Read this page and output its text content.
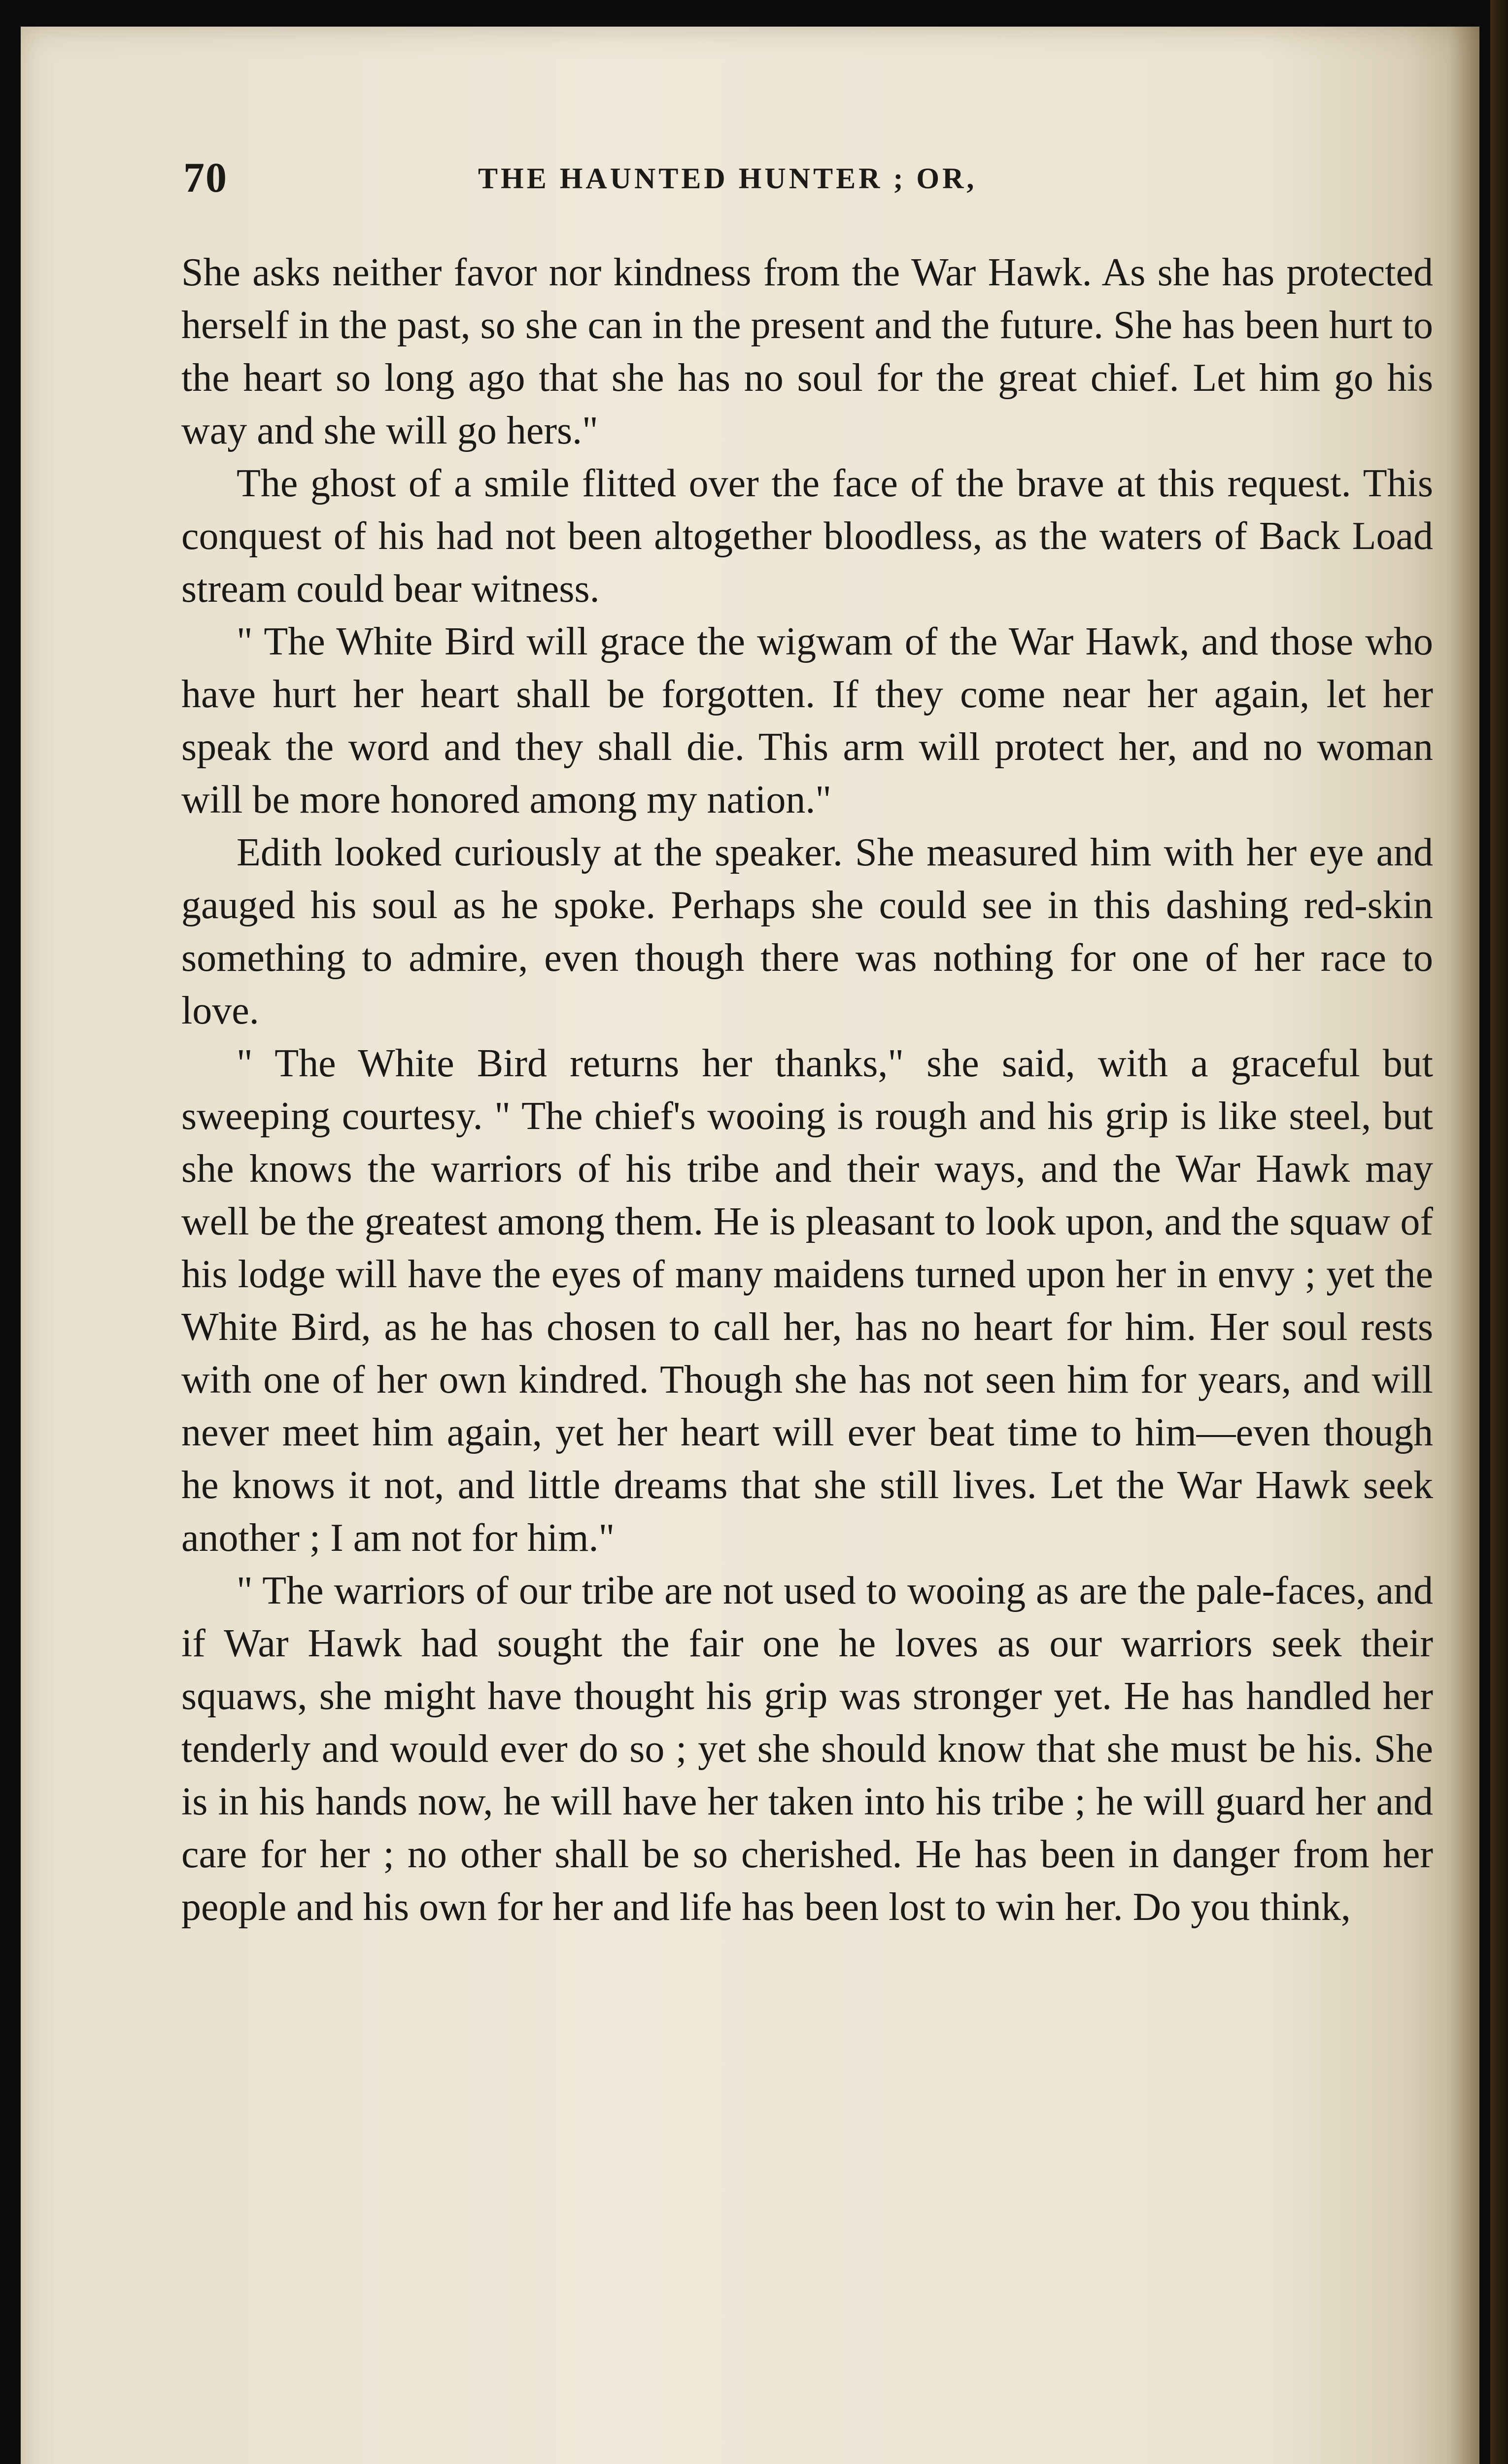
70	THE HAUNTED HUNTER ; OR,

She asks neither favor nor kindness from the War Hawk. As she has protected herself in the past, so she can in the present and the future. She has been hurt to the heart so long ago that she has no soul for the great chief. Let him go his way and she will go hers."

The ghost of a smile flitted over the face of the brave at this request. This conquest of his had not been altogether bloodless, as the waters of Back Load stream could bear witness.

" The White Bird will grace the wigwam of the War Hawk, and those who have hurt her heart shall be forgotten. If they come near her again, let her speak the word and they shall die. This arm will protect her, and no woman will be more honored among my nation."

Edith looked curiously at the speaker. She measured him with her eye and gauged his soul as he spoke. Perhaps she could see in this dashing red-skin something to admire, even though there was nothing for one of her race to love.

" The White Bird returns her thanks," she said, with a graceful but sweeping courtesy. " The chief's wooing is rough and his grip is like steel, but she knows the warriors of his tribe and their ways, and the War Hawk may well be the greatest among them. He is pleasant to look upon, and the squaw of his lodge will have the eyes of many maidens turned upon her in envy ; yet the White Bird, as he has chosen to call her, has no heart for him. Her soul rests with one of her own kindred. Though she has not seen him for years, and will never meet him again, yet her heart will ever beat time to him—even though he knows it not, and little dreams that she still lives. Let the War Hawk seek another ; I am not for him."

" The warriors of our tribe are not used to wooing as are the pale-faces, and if War Hawk had sought the fair one he loves as our warriors seek their squaws, she might have thought his grip was stronger yet. He has handled her tenderly and would ever do so ; yet she should know that she must be his. She is in his hands now, he will have her taken into his tribe ; he will guard her and care for her ; no other shall be so cherished. He has been in danger from her people and his own for her and life has been lost to win her. Do you think,
